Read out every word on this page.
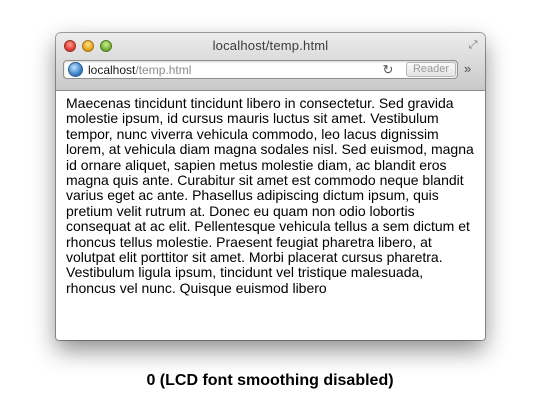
localhost/temp.html	⤢
localhost/temp.html	↻	Reader	»

Maecenas tincidunt tincidunt libero in consectetur. Sed gravida molestie ipsum, id cursus mauris luctus sit amet. Vestibulum tempor, nunc viverra vehicula commodo, leo lacus dignissim lorem, at vehicula diam magna sodales nisl. Sed euismod, magna id ornare aliquet, sapien metus molestie diam, ac blandit eros magna quis ante. Curabitur sit amet est commodo neque blandit varius eget ac ante. Phasellus adipiscing dictum ipsum, quis pretium velit rutrum at. Donec eu quam non odio lobortis consequat at ac elit. Pellentesque vehicula tellus a sem dictum et rhoncus tellus molestie. Praesent feugiat pharetra libero, at volutpat elit porttitor sit amet. Morbi placerat cursus pharetra. Vestibulum ligula ipsum, tincidunt vel tristique malesuada, rhoncus vel nunc. Quisque euismod libero

0 (LCD font smoothing disabled)
